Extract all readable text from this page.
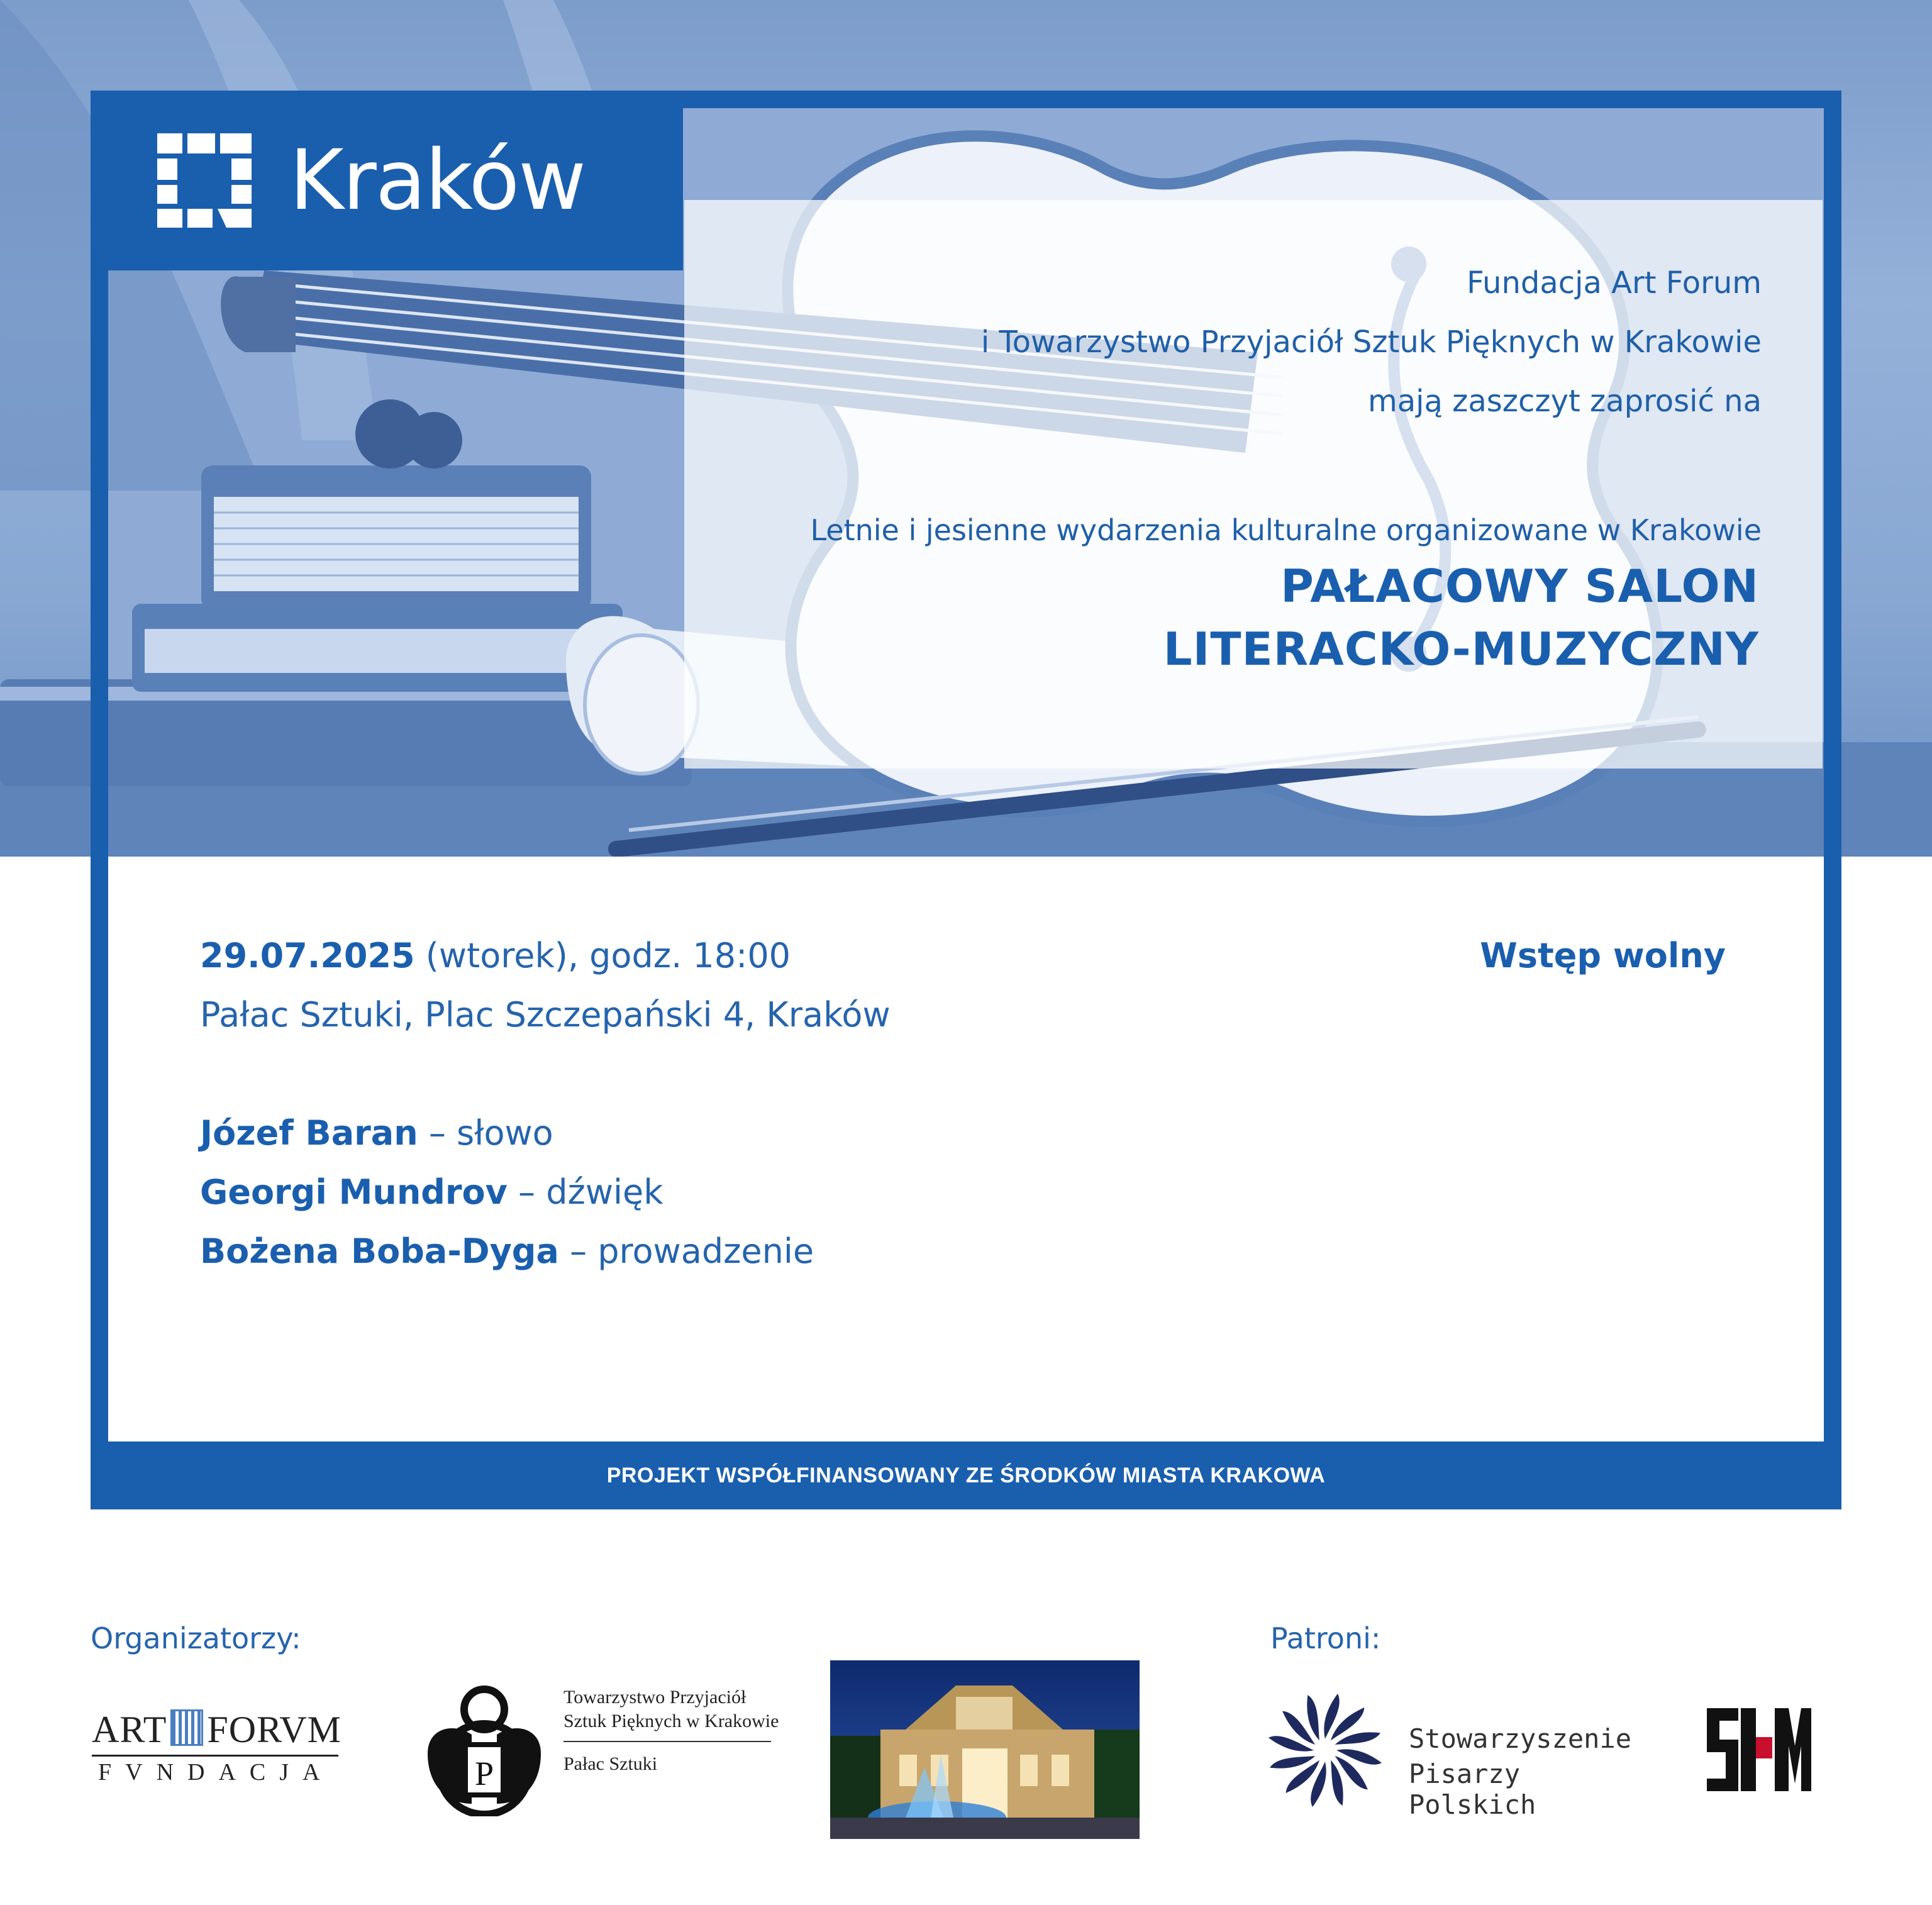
Kraków
Fundacja Art Forum
i Towarzystwo Przyjaciół Sztuk Pięknych w Krakowie
mają zaszczyt zaprosić na
Letnie i jesienne wydarzenia kulturalne organizowane w Krakowie
PAŁACOWY SALON
LITERACKO-MUZYCZNY
29.07.2025 (wtorek), godz. 18:00
Pałac Sztuki, Plac Szczepański 4, Kraków
Wstęp wolny
Józef Baran – słowo
Georgi Mundrov – dźwięk
Bożena Boba-Dyga – prowadzenie
PROJEKT WSPÓŁFINANSOWANY ZE ŚRODKÓW MIASTA KRAKOWA
Organizatorzy:	Patroni:
ART FORVM
FVNDACJA	P
Towarzystwo Przyjaciół
Sztuk Pięknych w Krakowie
Pałac Sztuki
Stowarzyszenie
Pisarzy Polskich
